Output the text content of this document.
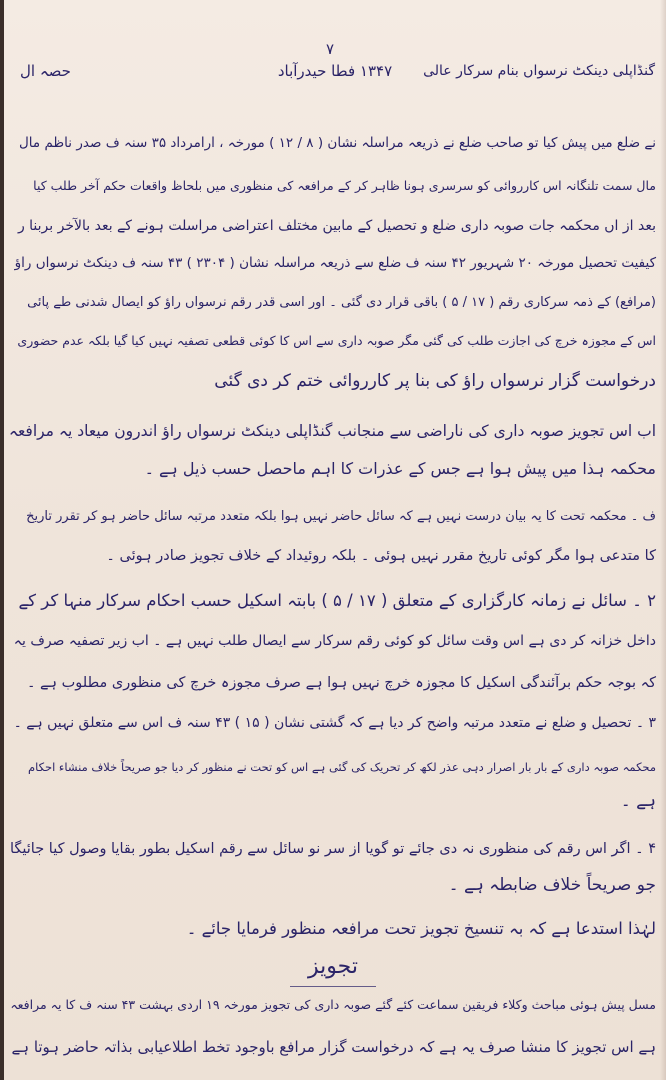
۷
حصہ ال	۱۳۴۷ فطا حیدرآباد	گنڈاپلی دینکٹ نرسواں بنام سرکار عالی
نے ضلع میں پیش کیا تو صاحب ضلع نے ذریعہ مراسلہ نشان ( ۸ / ۱۲ ) مورخہ ، ارامرداد ۳۵ سنہ ف صدر ناظم مال
مال سمت تلنگانہ اس کارروائی کو سرسری ہونا ظاہر کر کے مرافعہ کی منظوری میں بلحاظ واقعات حکم آخر طلب کیا
بعد از اں محکمہ جات صوبہ داری ضلع و تحصیل کے مابین مختلف اعتراضی مراسلت ہونے کے بعد بالآخر بربنا ر
کیفیت تحصیل مورخہ ۲۰ شہریور ۴۲ سنہ ف ضلع سے ذریعہ مراسلہ نشان ( ۲۳۰۴ ) ۴۳ سنہ ف دینکٹ نرسواں راؤ
(مرافع) کے ذمہ سرکاری رقم ( ۱۷ / ۵ ) باقی قرار دی گئی ۔ اور اسی قدر رقم نرسواں راؤ کو ایصال شدنی طے پائی
اس کے مجوزہ خرچ کی اجازت طلب کی گئی مگر صوبہ داری سے اس کا کوئی قطعی تصفیہ نہیں کیا گیا بلکہ عدم حضوری
درخواست گزار نرسواں راؤ کی بنا پر کارروائی ختم کر دی گئی
اب اس تجویز صوبہ داری کی ناراضی سے منجانب گنڈاپلی دینکٹ نرسواں راؤ اندرون میعاد یہ مرافعہ
محکمہ ہذا میں پیش ہوا ہے جس کے عذرات کا اہم ماحصل حسب ذیل ہے ۔
ف ۔ محکمہ تحت کا یہ بیان درست نہیں ہے کہ سائل حاضر نہیں ہوا بلکہ متعدد مرتبہ سائل حاضر ہو کر تقرر تاریخ
کا متدعی ہوا مگر کوئی تاریخ مقرر نہیں ہوئی ۔ بلکہ روئیداد کے خلاف تجویز صادر ہوئی ۔
۲ ۔ سائل نے زمانہ کارگزاری کے متعلق ( ۱۷ / ۵ ) بابتہ اسکیل حسب احکام سرکار منہا کر کے
داخل خزانہ کر دی ہے اس وقت سائل کو کوئی رقم سرکار سے ایصال طلب نہیں ہے ۔ اب زیر تصفیہ صرف یہ
کہ بوجہ حکم برآئندگی اسکیل کا مجوزہ خرچ نہیں ہوا ہے صرف مجوزہ خرچ کی منظوری مطلوب ہے ۔
۳ ۔ تحصیل و ضلع نے متعدد مرتبہ واضح کر دیا ہے کہ گشتی نشان ( ۱۵ ) ۴۳ سنہ ف اس سے متعلق نہیں ہے ۔
محکمہ صوبہ داری کے بار بار اصرار دہی عذر لکھ کر تحریک کی گئی ہے اس کو تحت نے منظور کر دیا جو صریحاً خلاف منشاء احکام
ہے ۔
۴ ۔ اگر اس رقم کی منظوری نہ دی جائے تو گویا از سر نو سائل سے رقم اسکیل بطور بقایا وصول کیا جائیگا
جو صریحاً خلاف ضابطہ ہے ۔
لہٰذا استدعا ہے کہ بہ تنسیخ تجویز تحت مرافعہ منظور فرمایا جائے ۔
تجویز
مسل پیش ہوئی مباحث وکلاء فریقین سماعت کئے گئے صوبہ داری کی تجویز مورخہ ۱۹ اردی بہشت ۴۳ سنہ ف کا یہ مرافعہ
ہے اس تجویز کا منشا صرف یہ ہے کہ درخواست گزار مرافع باوجود تخط اطلاعیابی بذاتہ حاضر ہوتا ہے
